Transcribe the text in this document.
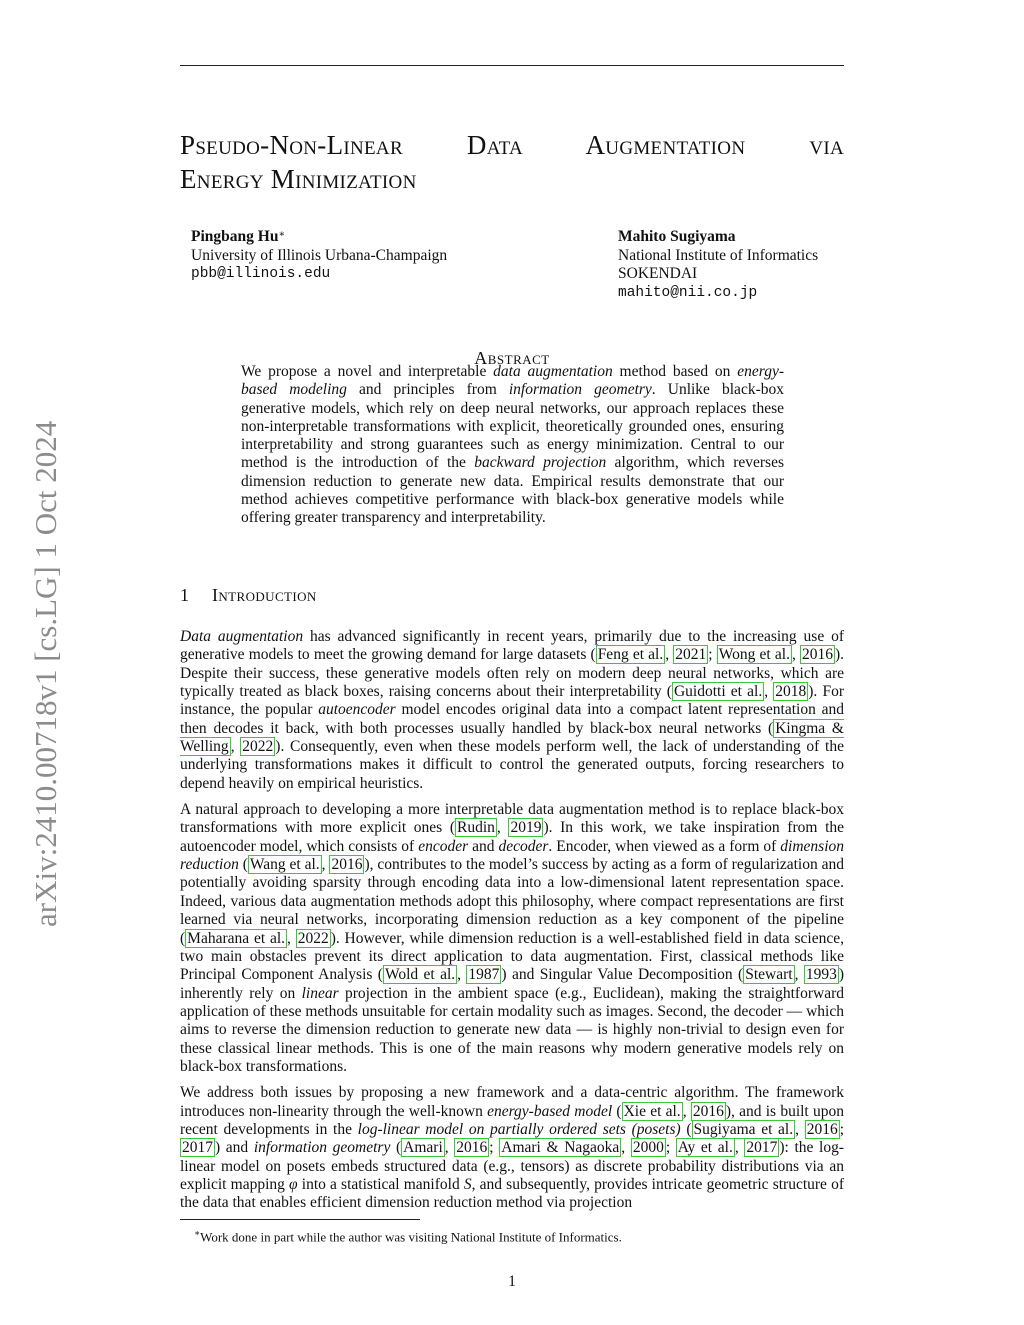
arXiv:2410.00718v1 [cs.LG] 1 Oct 2024
Pseudo-Non-Linear Data Augmentation via
Energy Minimization
Pingbang Hu∗
University of Illinois Urbana-Champaign
pbb@illinois.edu
Mahito Sugiyama
National Institute of Informatics
SOKENDAI
mahito@nii.co.jp
Abstract
We propose a novel and interpretable data augmentation method based on energy-based modeling and principles from information geometry. Unlike black-box generative models, which rely on deep neural networks, our approach replaces these non-interpretable transformations with explicit, theoretically grounded ones, ensuring interpretability and strong guarantees such as energy minimization. Central to our method is the introduction of the backward projection algorithm, which reverses dimension reduction to generate new data. Empirical results demonstrate that our method achieves competitive performance with black-box generative models while offering greater transparency and interpretability.
1 Introduction

Data augmentation has advanced significantly in recent years, primarily due to the increasing use of generative models to meet the growing demand for large datasets ( Feng et al. , 2021 ; Wong et al. , 2016 ). Despite their success, these generative models often rely on modern deep neural networks, which are typically treated as black boxes, raising concerns about their interpretability ( Guidotti et al. , 2018 ). For instance, the popular autoencoder model encodes original data into a compact latent representation and then decodes it back, with both processes usually handled by black-box neural networks ( Kingma & Welling , 2022 ). Consequently, even when these models perform well, the lack of understanding of the underlying transformations makes it difficult to control the generated outputs, forcing researchers to depend heavily on empirical heuristics.

A natural approach to developing a more interpretable data augmentation method is to replace black-box transformations with more explicit ones ( Rudin , 2019 ). In this work, we take inspiration from the autoencoder model, which consists of encoder and decoder. Encoder, when viewed as a form of dimension reduction ( Wang et al. , 2016 ), contributes to the model’s success by acting as a form of regularization and potentially avoiding sparsity through encoding data into a low-dimensional latent representation space. Indeed, various data augmentation methods adopt this philosophy, where compact representations are first learned via neural networks, incorporating dimension reduction as a key component of the pipeline ( Maharana et al. , 2022 ). However, while dimension reduction is a well-established field in data science, two main obstacles prevent its direct application to data augmentation. First, classical methods like Principal Component Analysis ( Wold et al. , 1987 ) and Singular Value Decomposition ( Stewart , 1993 ) inherently rely on linear projection in the ambient space (e.g., Euclidean), making the straightforward application of these methods unsuitable for certain modality such as images. Second, the decoder — which aims to reverse the dimension reduction to generate new data — is highly non-trivial to design even for these classical linear methods. This is one of the main reasons why modern generative models rely on black-box transformations.

We address both issues by proposing a new framework and a data-centric algorithm. The framework introduces non-linearity through the well-known energy-based model ( Xie et al. , 2016 ), and is built upon recent developments in the log-linear model on partially ordered sets (posets) ( Sugiyama et al. , 2016 ; 2017 ) and information geometry ( Amari , 2016 ; Amari & Nagaoka , 2000 ; Ay et al. , 2017 ): the log-linear model on posets embeds structured data (e.g., tensors) as discrete probability distributions via an explicit mapping φ into a statistical manifold S, and subsequently, provides intricate geometric structure of the data that enables efficient dimension reduction method via projection

∗Work done in part while the author was visiting National Institute of Informatics.
1
